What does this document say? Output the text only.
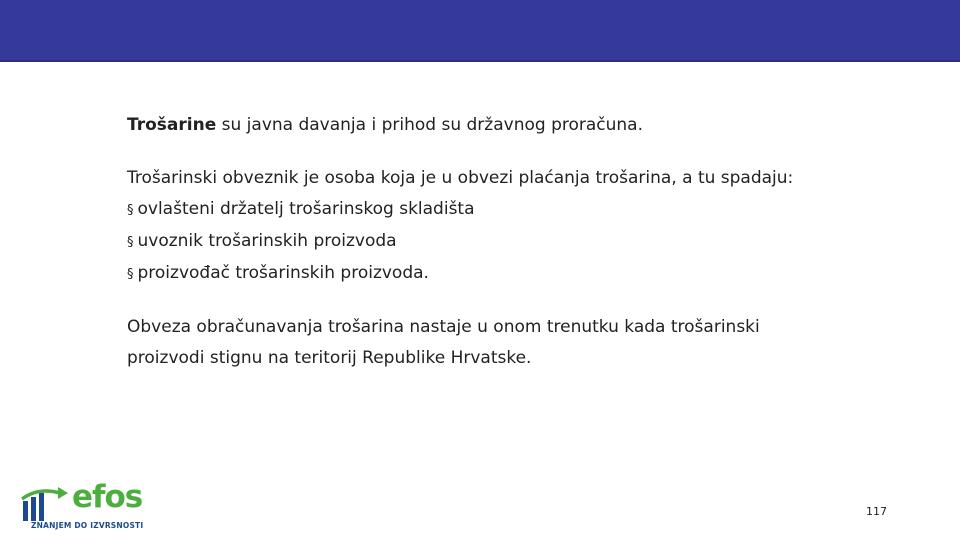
Trošarine su javna davanja i prihod su državnog proračuna.

Trošarinski obveznik je osoba koja je u obvezi plaćanja trošarina, a tu spadaju:
§ ovlašteni držatelj trošarinskog skladišta
§ uvoznik trošarinskih proizvoda
§ proizvođač trošarinskih proizvoda.

Obveza obračunavanja trošarina nastaje u onom trenutku kada trošarinski
proizvodi stignu na teritorij Republike Hrvatske.

efos
ZNANJEM DO IZVRSNOSTI
117
